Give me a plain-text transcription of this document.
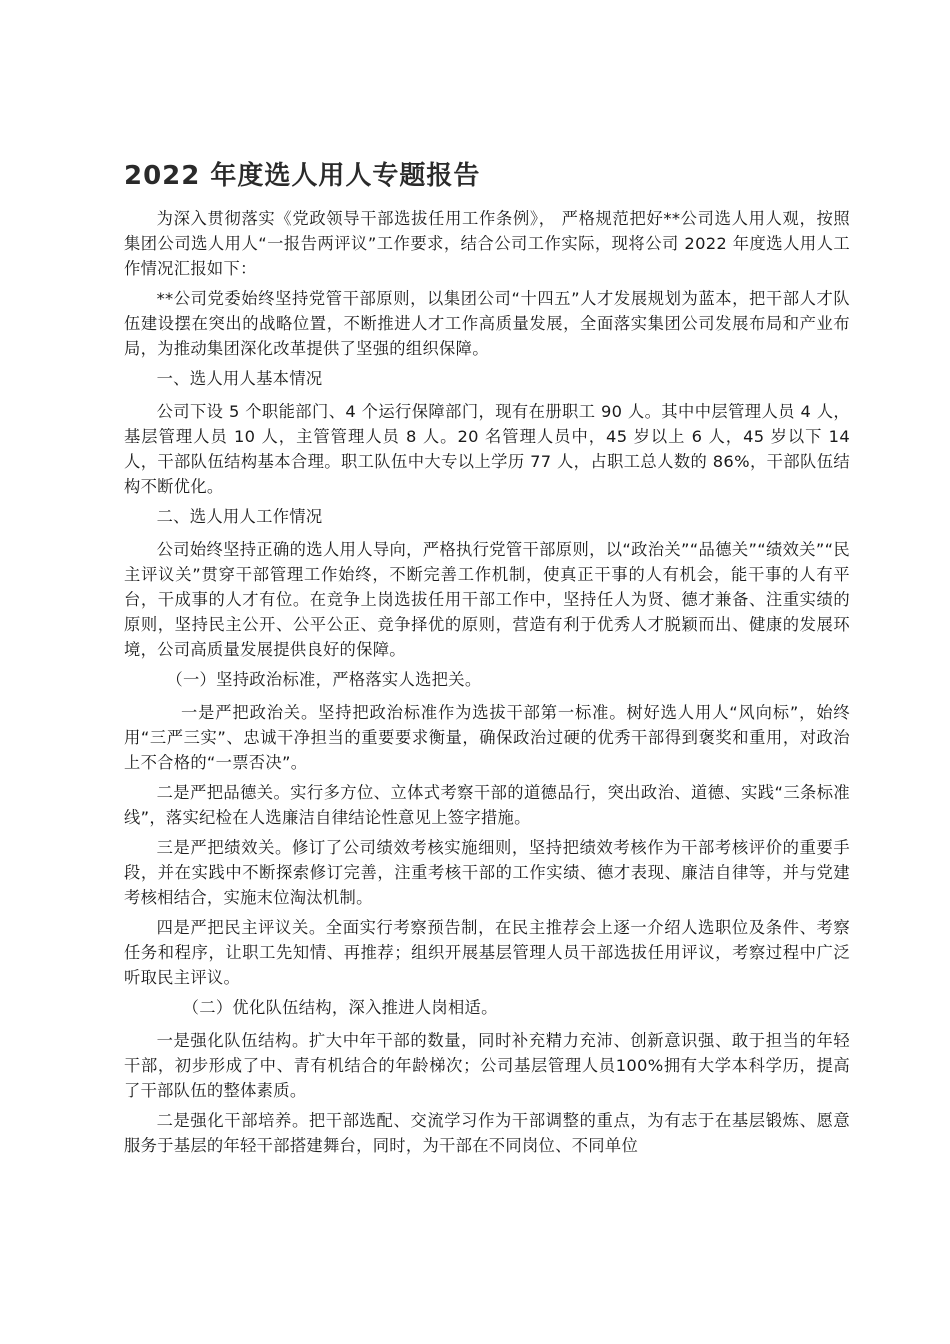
2022 年度选人用人专题报告

为深入贯彻落实《党政领导干部选拔任用工作条例》， 严格规范把好**公司选人用人观，按照集团公司选人用人“一报告两评议”工作要求，结合公司工作实际，现将公司 2022 年度选人用人工作情况汇报如下：

**公司党委始终坚持党管干部原则，以集团公司“十四五”人才发展规划为蓝本，把干部人才队伍建设摆在突出的战略位置，不断推进人才工作高质量发展，全面落实集团公司发展布局和产业布局，为推动集团深化改革提供了坚强的组织保障。

一、选人用人基本情况

公司下设 5 个职能部门、4 个运行保障部门，现有在册职工 90 人。其中中层管理人员 4 人，基层管理人员 10 人，主管管理人员 8 人。20 名管理人员中，45 岁以上 6 人，45 岁以下 14 人，干部队伍结构基本合理。职工队伍中大专以上学历 77 人，占职工总人数的 86%，干部队伍结构不断优化。

二、选人用人工作情况

公司始终坚持正确的选人用人导向，严格执行党管干部原则，以“政治关”“品德关”“绩效关”“民主评议关”贯穿干部管理工作始终，不断完善工作机制，使真正干事的人有机会，能干事的人有平台，干成事的人才有位。在竞争上岗选拔任用干部工作中，坚持任人为贤、德才兼备、注重实绩的原则，坚持民主公开、公平公正、竞争择优的原则，营造有利于优秀人才脱颖而出、健康的发展环境，公司高质量发展提供良好的保障。

（一）坚持政治标准，严格落实人选把关。

一是严把政治关。坚持把政治标准作为选拔干部第一标准。树好选人用人“风向标”，始终用“三严三实”、忠诚干净担当的重要要求衡量，确保政治过硬的优秀干部得到褒奖和重用，对政治上不合格的“一票否决”。

二是严把品德关。实行多方位、立体式考察干部的道德品行，突出政治、道德、实践“三条标准线”，落实纪检在人选廉洁自律结论性意见上签字措施。

三是严把绩效关。修订了公司绩效考核实施细则，坚持把绩效考核作为干部考核评价的重要手段，并在实践中不断探索修订完善，注重考核干部的工作实绩、德才表现、廉洁自律等，并与党建考核相结合，实施末位淘汰机制。

四是严把民主评议关。全面实行考察预告制，在民主推荐会上逐一介绍人选职位及条件、考察任务和程序，让职工先知情、再推荐；组织开展基层管理人员干部选拔任用评议，考察过程中广泛听取民主评议。

（二）优化队伍结构，深入推进人岗相适。

一是强化队伍结构。扩大中年干部的数量，同时补充精力充沛、创新意识强、敢于担当的年轻干部，初步形成了中、青有机结合的年龄梯次；公司基层管理人员100%拥有大学本科学历，提高了干部队伍的整体素质。

二是强化干部培养。把干部选配、交流学习作为干部调整的重点，为有志于在基层锻炼、愿意服务于基层的年轻干部搭建舞台，同时，为干部在不同岗位、不同单位
